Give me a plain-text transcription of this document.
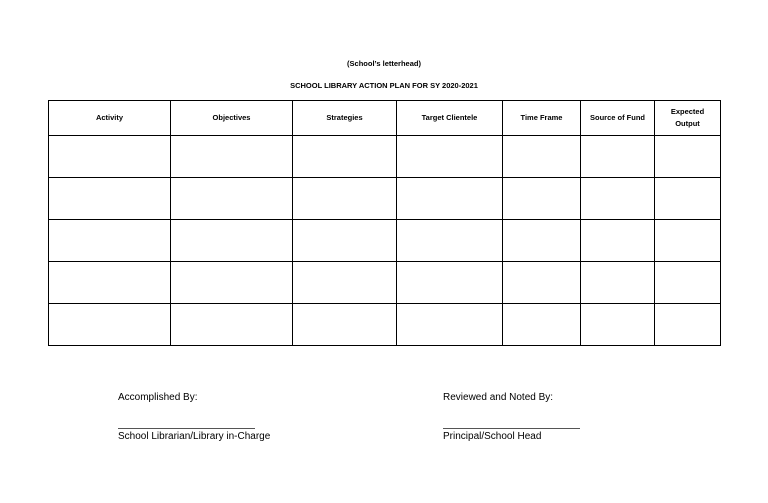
(School’s letterhead)
SCHOOL LIBRARY ACTION PLAN FOR SY 2020-2021
Activity	Objectives	Strategies	Target Clientele	Time Frame	Source of Fund	Expected Output

Accomplished By:
School Librarian/Library in-Charge
Reviewed and Noted By:
Principal/School Head
